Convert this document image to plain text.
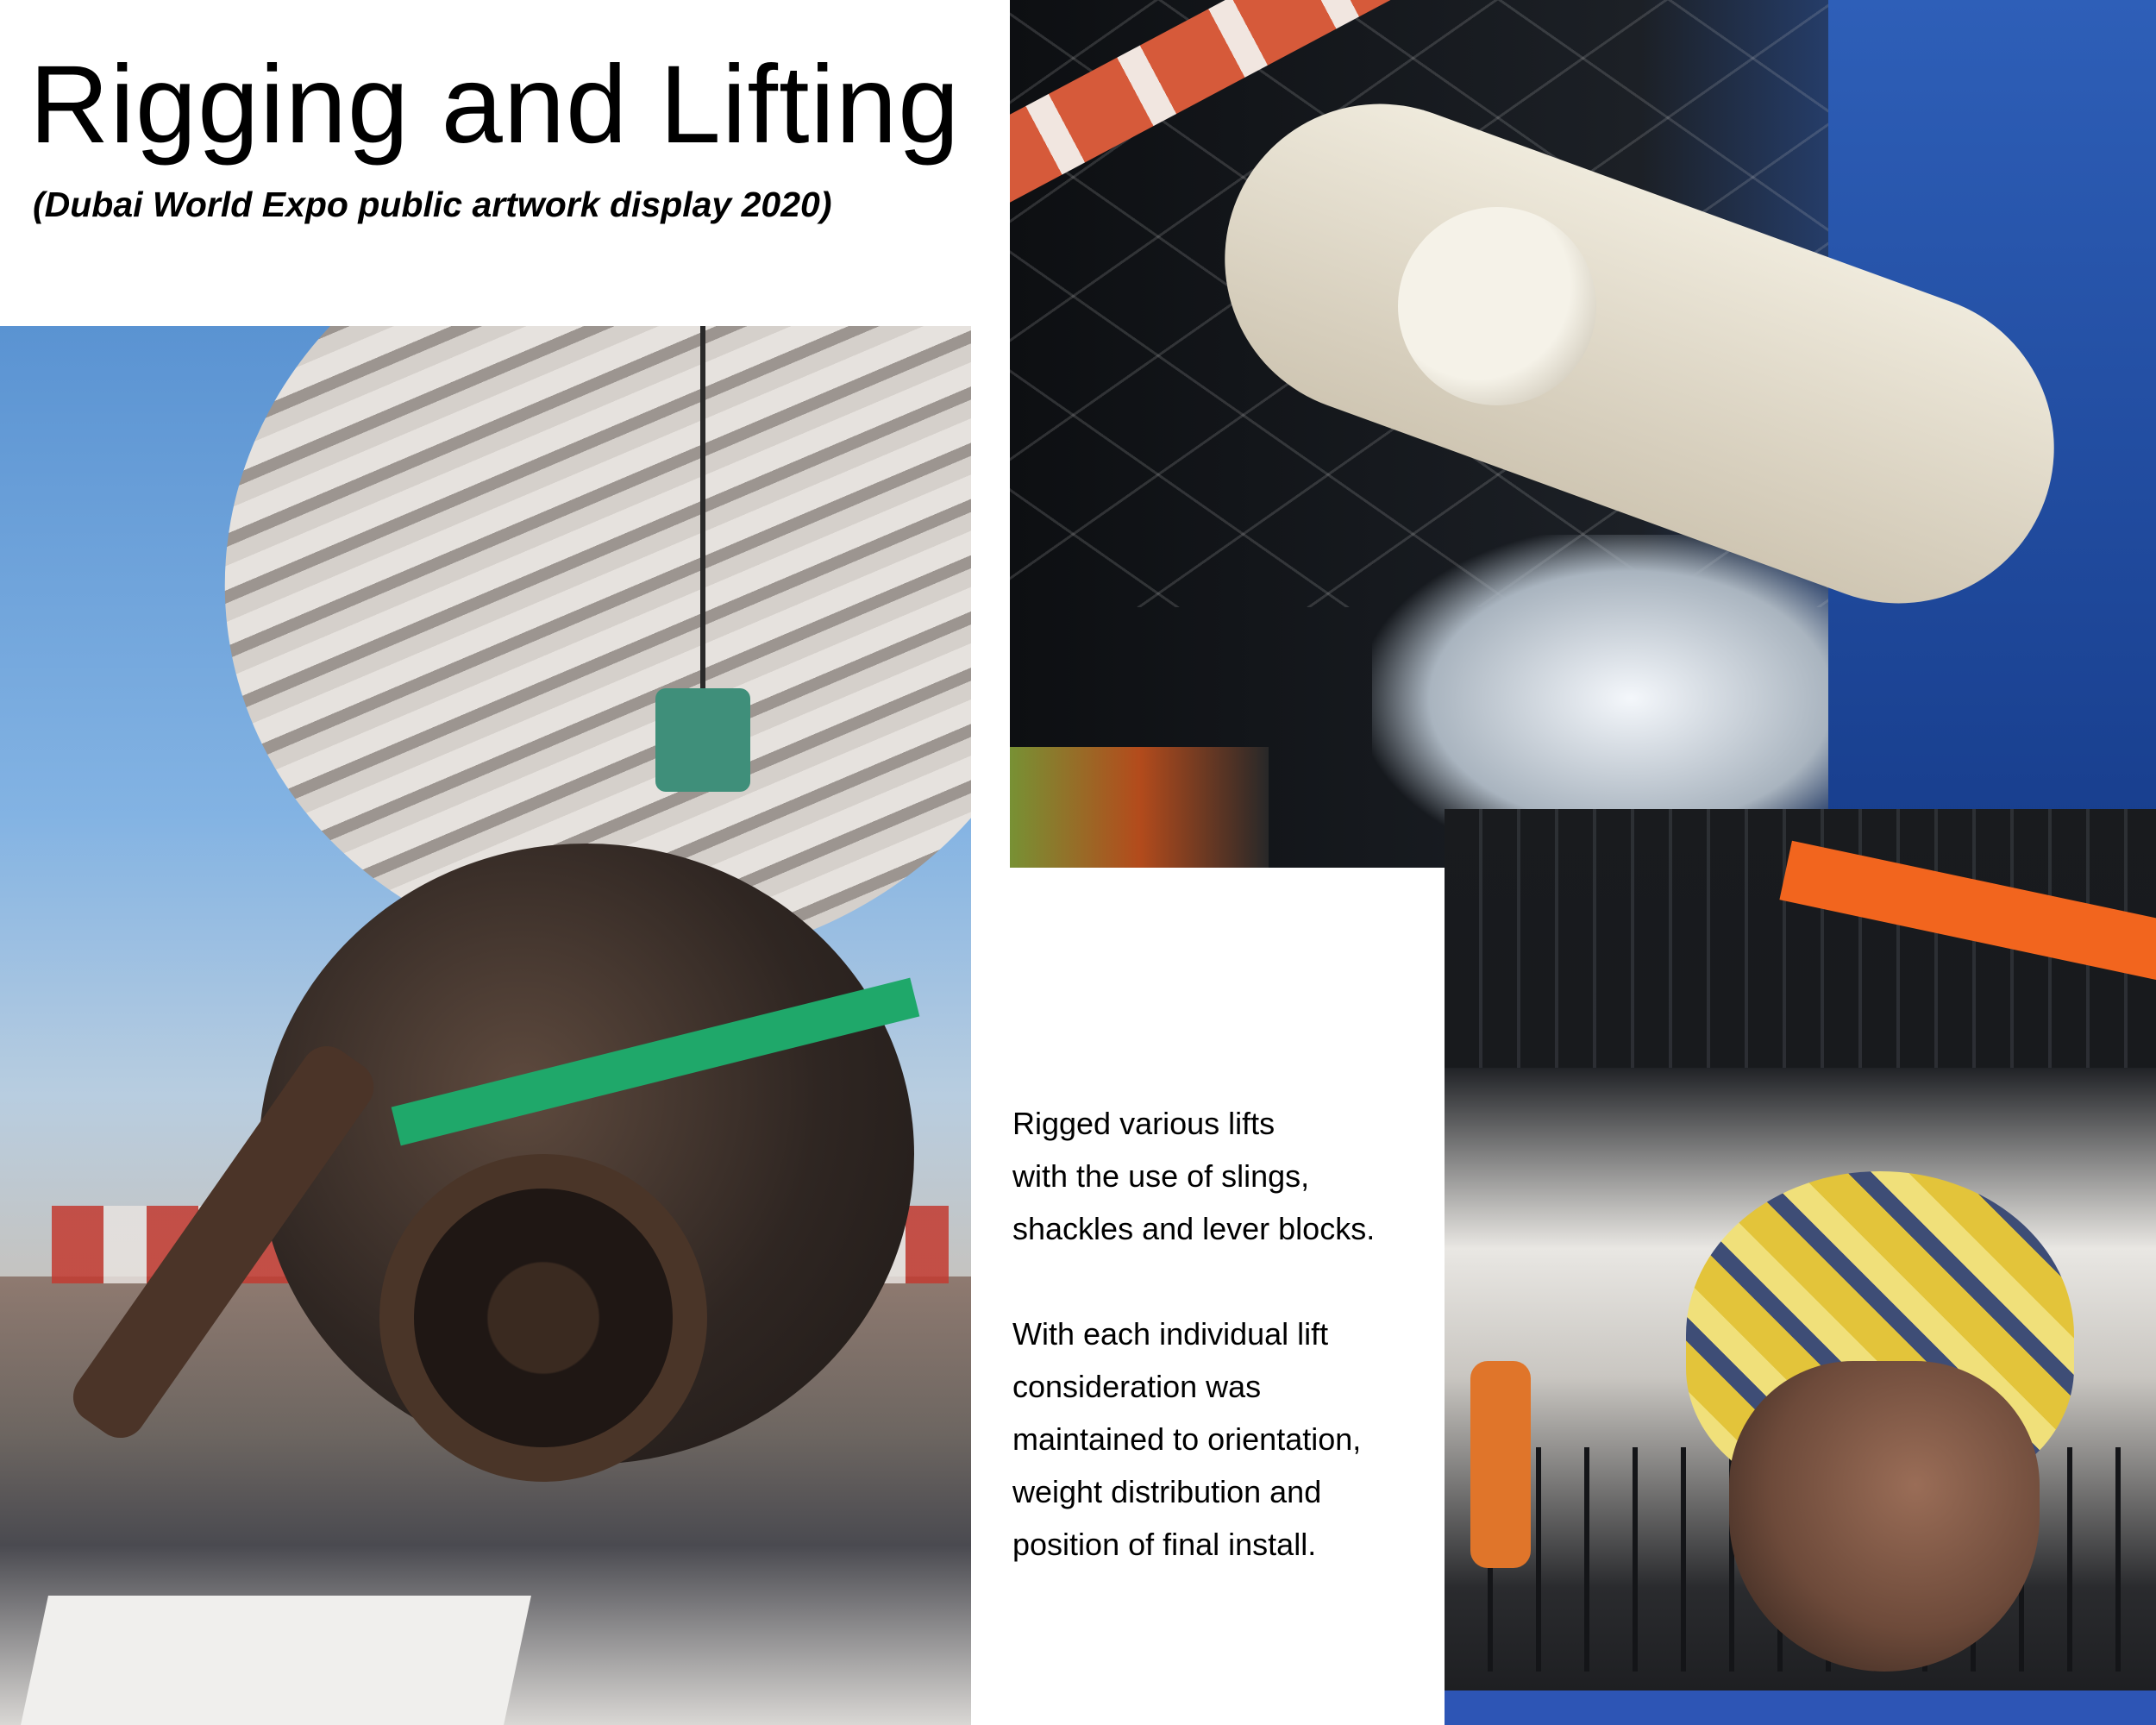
Rigging and Lifting
(Dubai World Expo public artwork display 2020)
Rigged various lifts
with the use of slings,
shackles and lever blocks.
With each individual lift
consideration was
maintained to orientation,
weight distribution and
position of final install.
